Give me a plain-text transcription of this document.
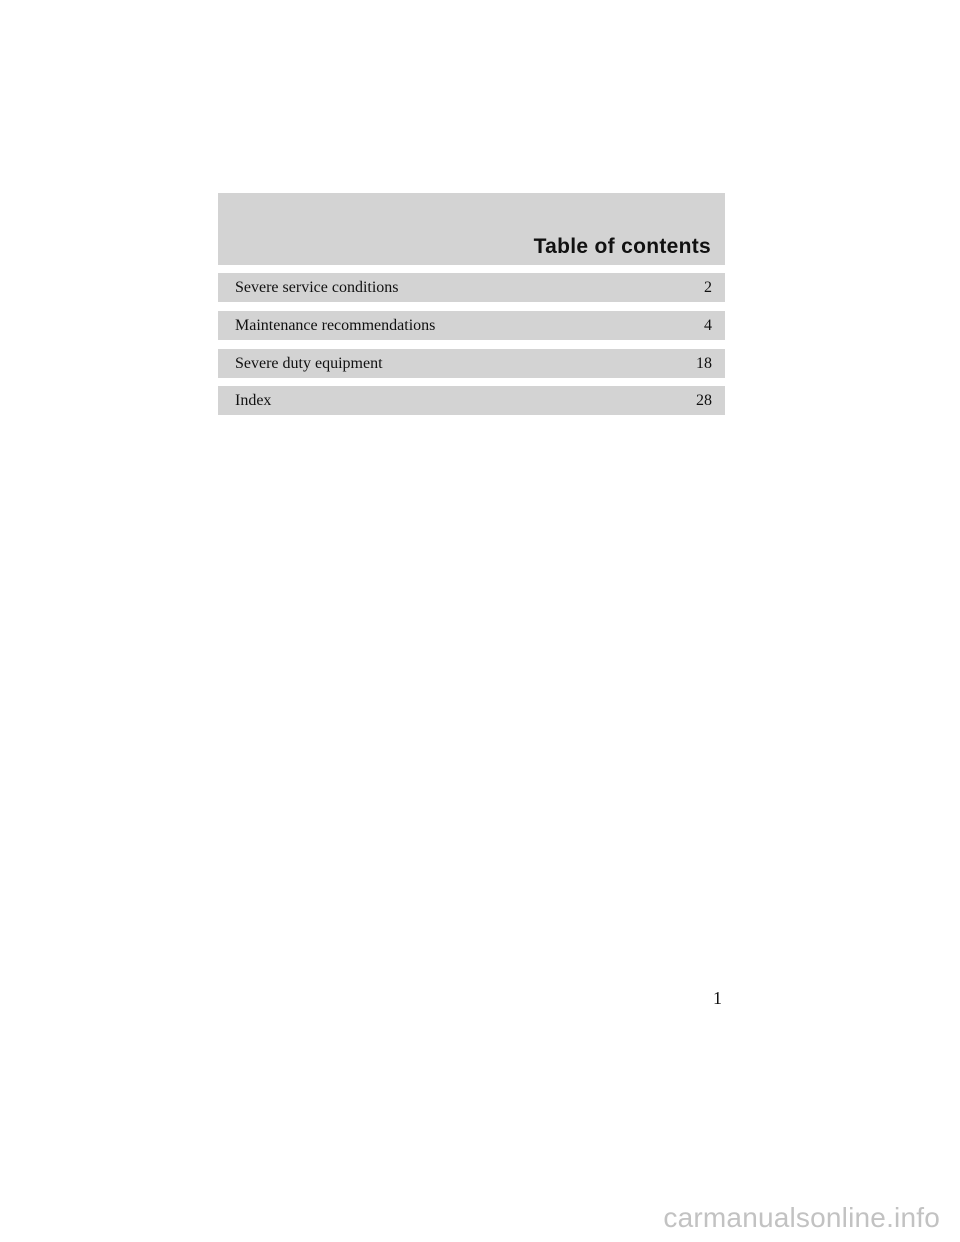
Table of contents
Severe service conditions	2
Maintenance recommendations	4
Severe duty equipment	18
Index	28
1
carmanualsonline.info
